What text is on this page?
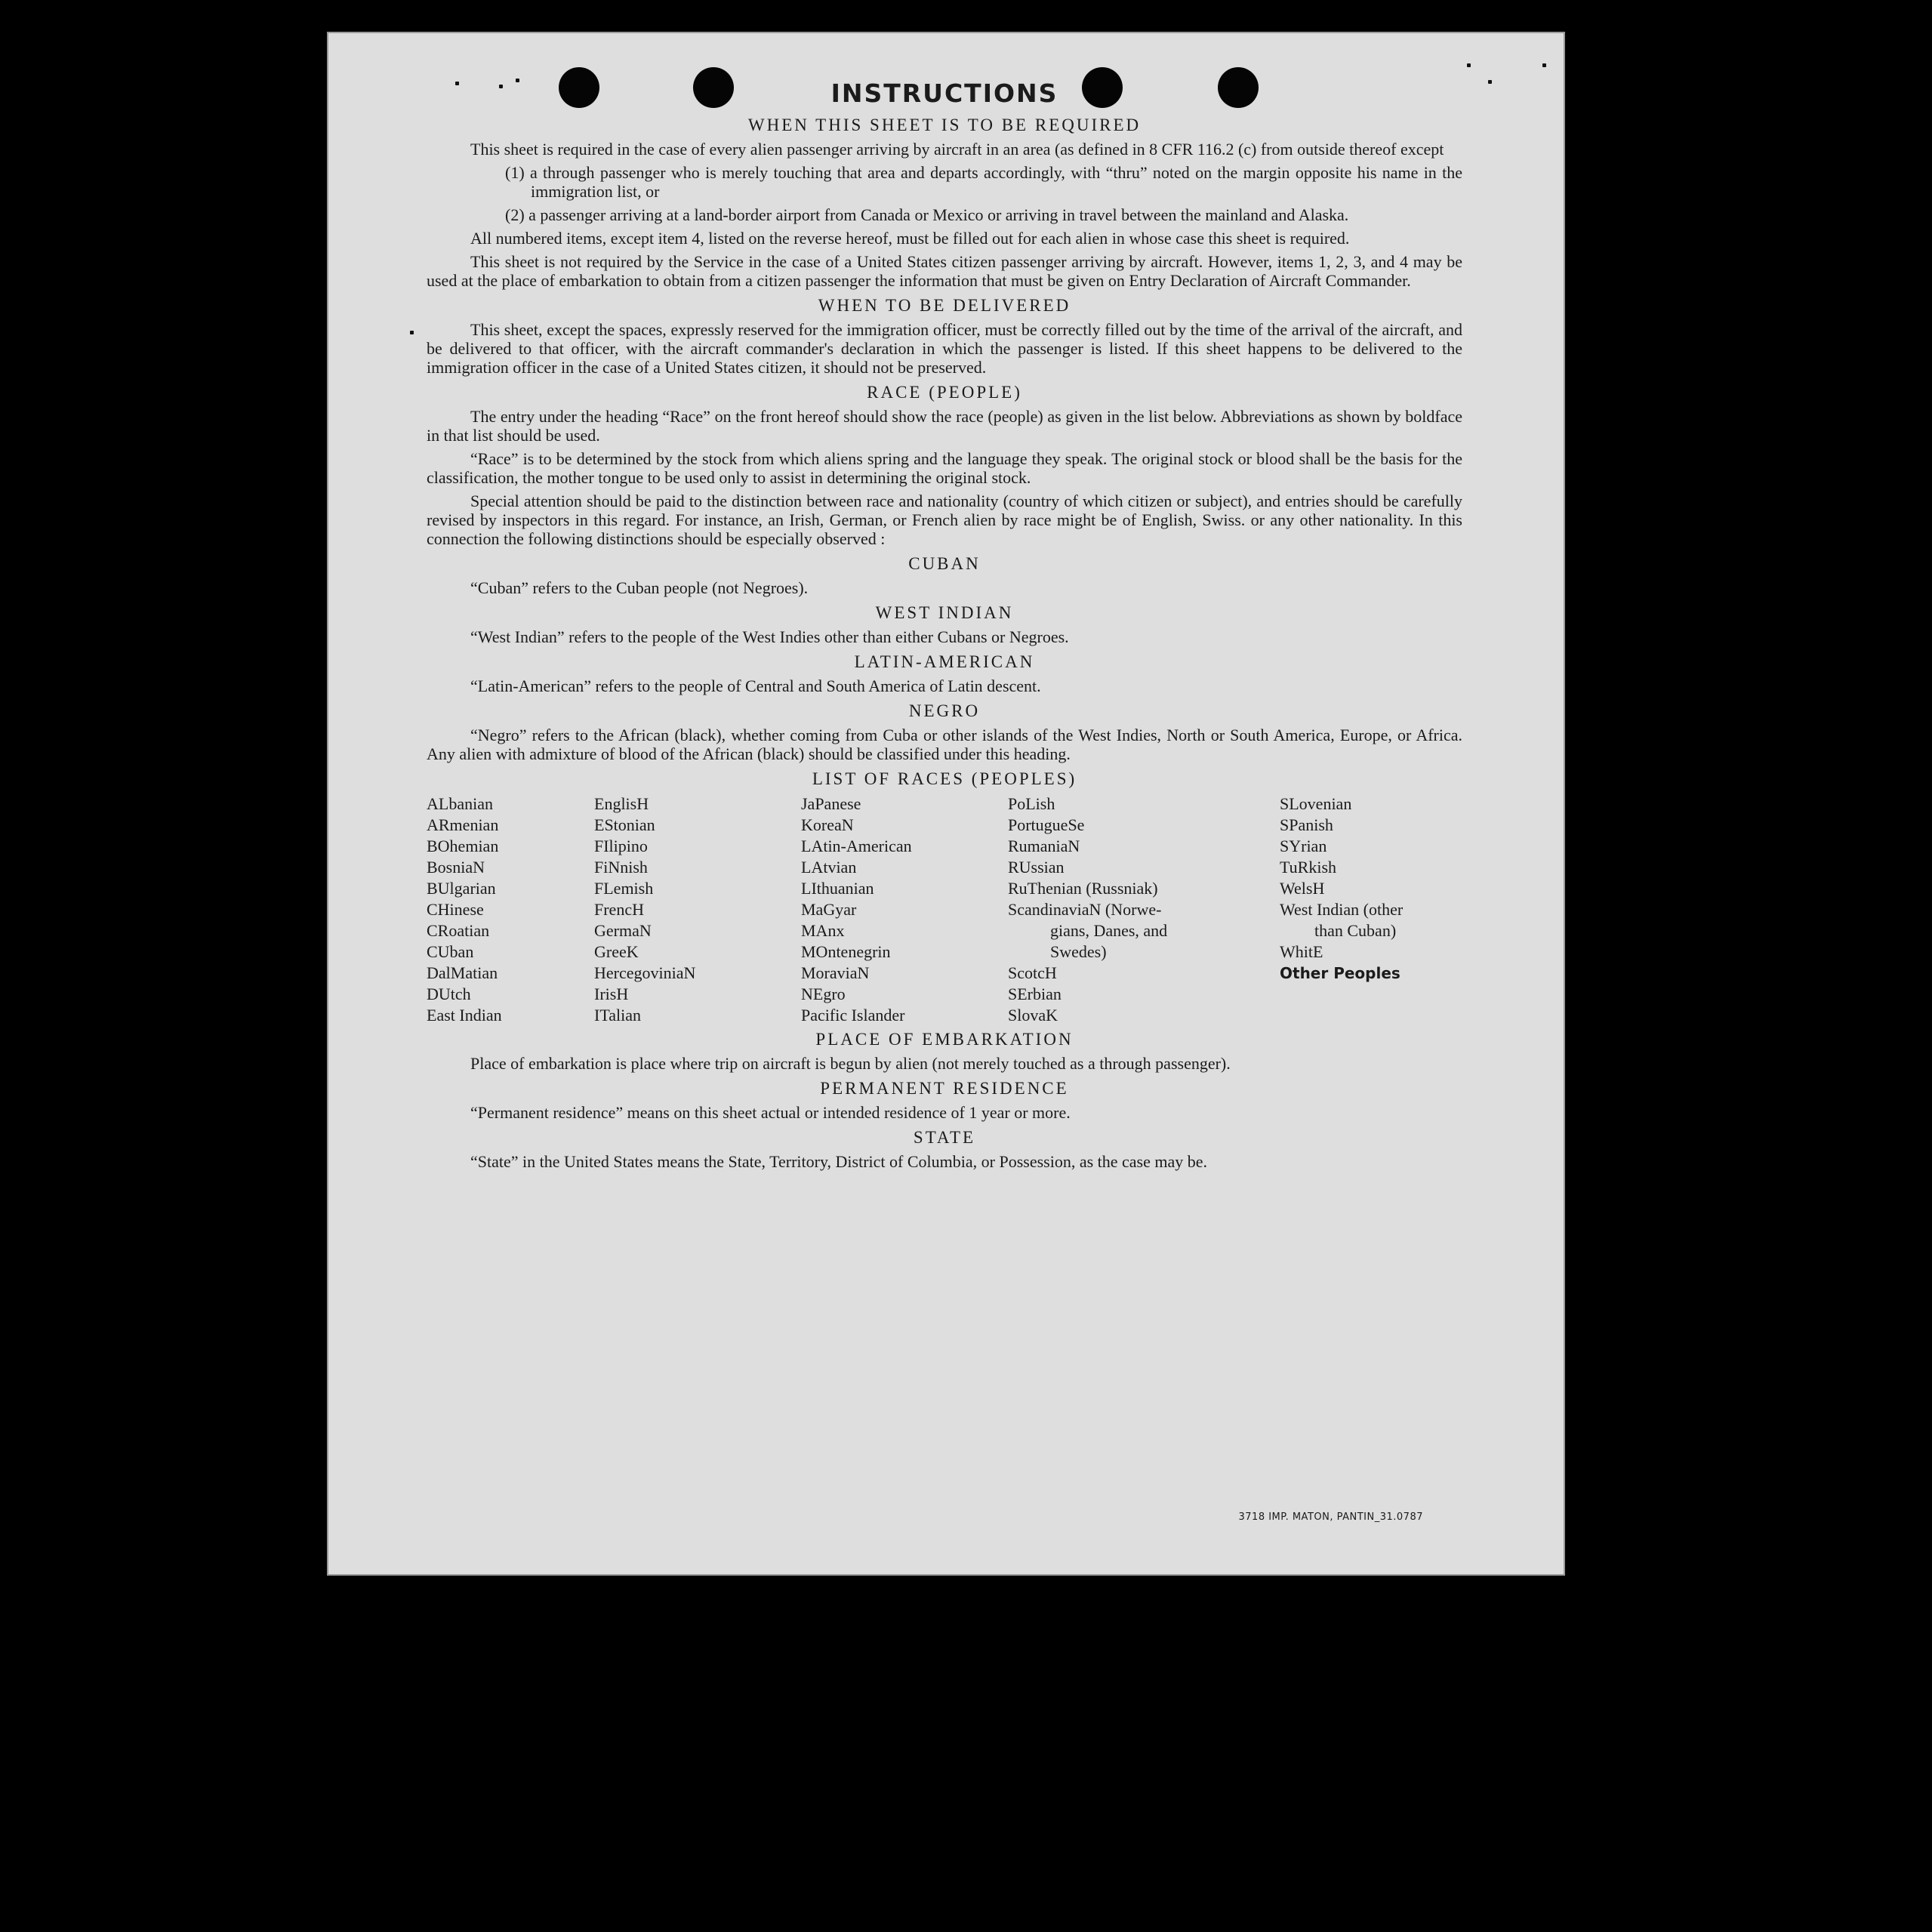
INSTRUCTIONS
WHEN THIS SHEET IS TO BE REQUIRED

This sheet is required in the case of every alien passenger arriving by aircraft in an area (as defined in 8 CFR 116.2 (c) from outside thereof except

(1) a through passenger who is merely touching that area and departs accordingly, with “thru” noted on the margin opposite his name in the immigration list, or

(2) a passenger arriving at a land-border airport from Canada or Mexico or arriving in travel between the mainland and Alaska.

All numbered items, except item 4, listed on the reverse hereof, must be filled out for each alien in whose case this sheet is required.

This sheet is not required by the Service in the case of a United States citizen passenger arriving by aircraft. However, items 1, 2, 3, and 4 may be used at the place of embarkation to obtain from a citizen passenger the information that must be given on Entry Declaration of Aircraft Commander.

WHEN TO BE DELIVERED

This sheet, except the spaces, expressly reserved for the immigration officer, must be correctly filled out by the time of the arrival of the aircraft, and be delivered to that officer, with the aircraft commander's declaration in which the passenger is listed. If this sheet happens to be delivered to the immigration officer in the case of a United States citizen, it should not be preserved.

RACE (PEOPLE)

The entry under the heading “Race” on the front hereof should show the race (people) as given in the list below. Abbreviations as shown by boldface in that list should be used.

“Race” is to be determined by the stock from which aliens spring and the language they speak. The original stock or blood shall be the basis for the classification, the mother tongue to be used only to assist in determining the original stock.

Special attention should be paid to the distinction between race and nationality (country of which citizen or subject), and entries should be carefully revised by inspectors in this regard. For instance, an Irish, German, or French alien by race might be of English, Swiss. or any other nationality. In this connection the following distinctions should be especially observed :

CUBAN

“Cuban” refers to the Cuban people (not Negroes).

WEST INDIAN

“West Indian” refers to the people of the West Indies other than either Cubans or Negroes.

LATIN-AMERICAN

“Latin-American” refers to the people of Central and South America of Latin descent.

NEGRO

“Negro” refers to the African (black), whether coming from Cuba or other islands of the West Indies, North or South America, Europe, or Africa. Any alien with admixture of blood of the African (black) should be classified under this heading.

LIST OF RACES (PEOPLES)
ALbanian
ARmenian
BOhemian
BosniaN
BUlgarian
CHinese
CRoatian
CUban
DalMatian
DUtch
East Indian
EnglisH
EStonian
FIlipino
FiNnish
FLemish
FrencH
GermaN
GreeK
HercegoviniaN
IrisH
ITalian
JaPanese
KoreaN
LAtin-American
LAtvian
LIthuanian
MaGyar
MAnx
MOntenegrin
MoraviaN
NEgro
Pacific Islander
PoLish
PortugueSe
RumaniaN
RUssian
RuThenian (Russniak)
ScandinaviaN (Norwe-
gians, Danes, and
Swedes)
ScotcH
SErbian
SlovaK
SLovenian
SPanish
SYrian
TuRkish
WelsH
West Indian (other
than Cuban)
WhitE
Other Peoples
PLACE OF EMBARKATION

Place of embarkation is place where trip on aircraft is begun by alien (not merely touched as a through passenger).

PERMANENT RESIDENCE

“Permanent residence” means on this sheet actual or intended residence of 1 year or more.

STATE

“State” in the United States means the State, Territory, District of Columbia, or Possession, as the case may be.

3718 IMP. MATON, PANTIN_31.0787
